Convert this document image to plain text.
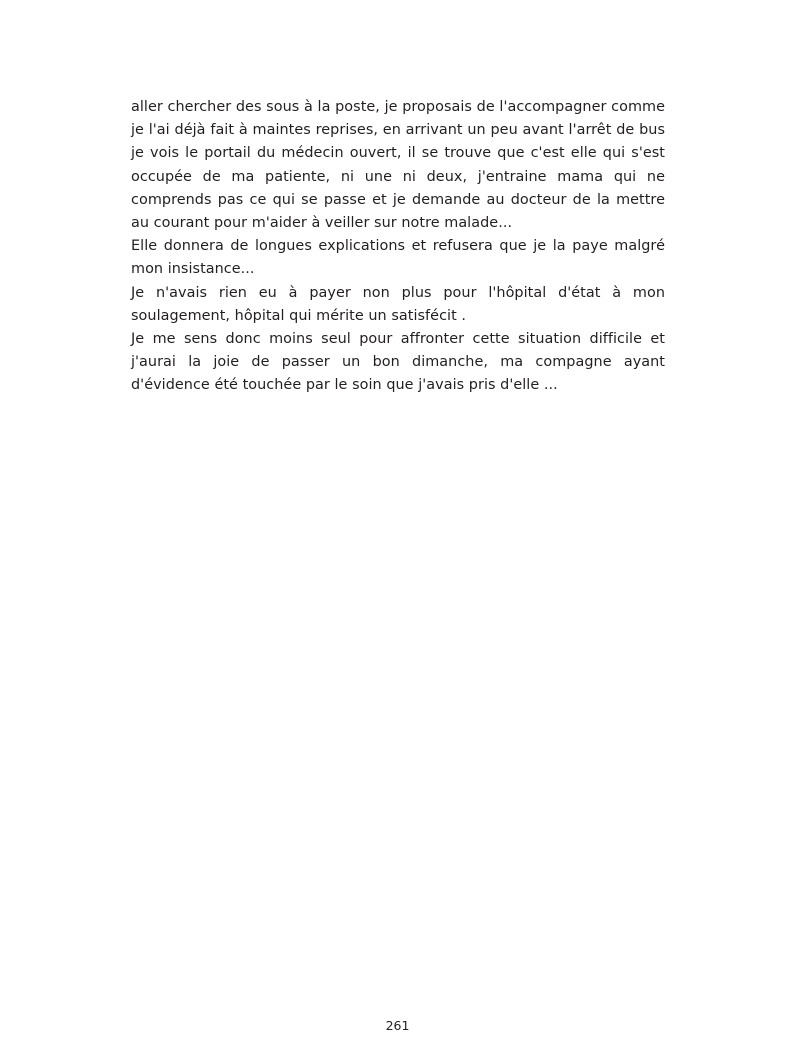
aller chercher des sous à la poste, je proposais de l'accompagner comme je l'ai déjà fait à maintes reprises, en arrivant un peu avant l'arrêt de bus je vois le portail du médecin ouvert, il se trouve que c'est elle qui s'est occupée de ma patiente, ni une ni deux, j'entraine mama qui ne comprends pas ce qui se passe et je demande au docteur de la mettre au courant pour m'aider à veiller sur notre malade...

Elle donnera de longues explications et refusera que je la paye malgré mon insistance...

Je n'avais rien eu à payer non plus pour l'hôpital d'état à mon soulagement, hôpital qui mérite un satisfécit .

Je me sens donc moins seul pour affronter cette situation difficile et j'aurai la joie de passer un bon dimanche, ma compagne ayant d'évidence été touchée par le soin que j'avais pris d'elle ...

261
